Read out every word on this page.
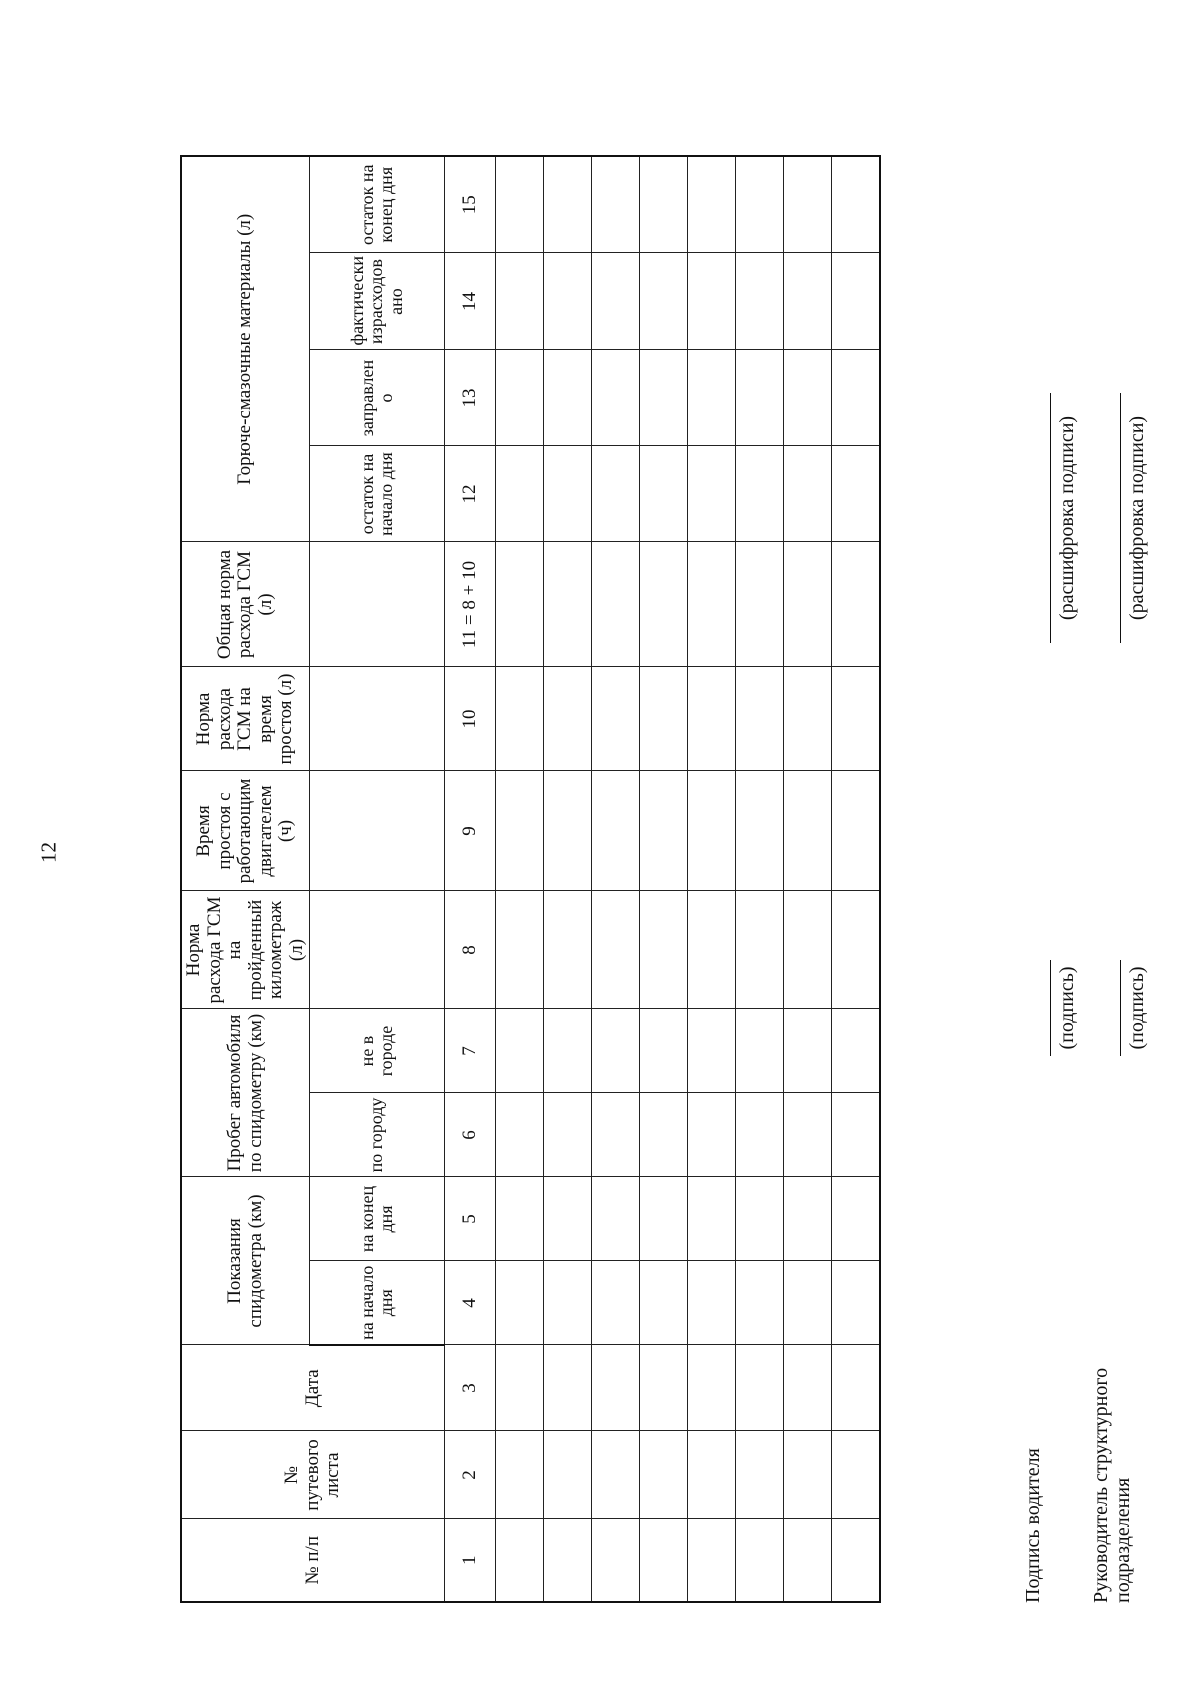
12
№ п/п	№ путевого листа	Дата	Показания спидометра (км)		Пробег автомобиля по спидометру (км)		Норма расхода ГСМ на пройденный километраж (л)	Время простоя с работающим двигателем (ч)	Норма расхода ГСМ на время простоя (л)	Общая норма расхода ГСМ (л)	Горюче-смазочные материалы (л)			
			на начало дня	на конец дня	по городу	не в городе					остаток на начало дня	заправлен о	фактически израсходов ано	остаток на конец дня
1	2	3	4	5	6	7	8	9	10	11 = 8 + 10	12	13	14	15

Подпись водителя
(подпись)
(расшифровка подписи)
Руководитель структурного подразделения
(подпись)
(расшифровка подписи)
